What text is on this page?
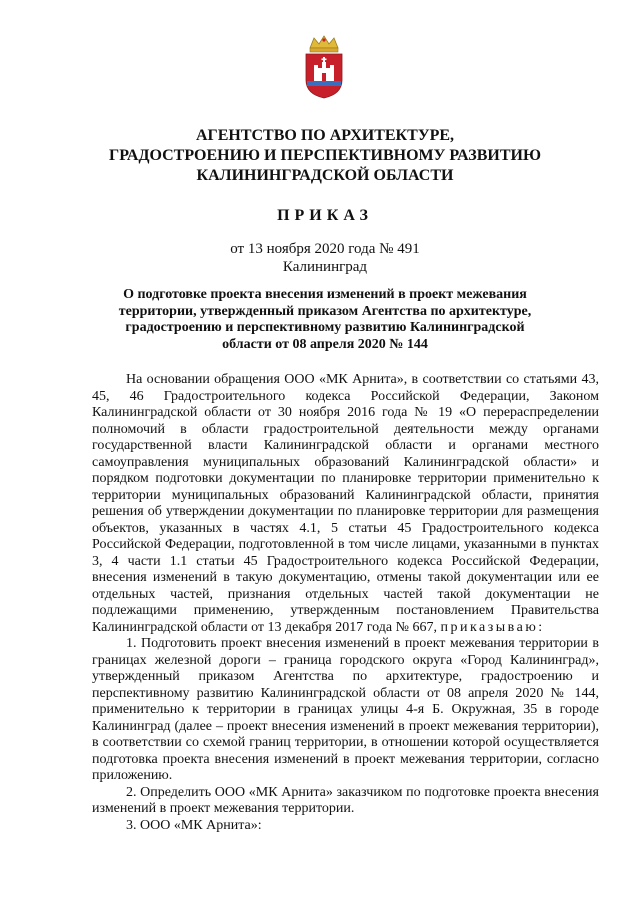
АГЕНТСТВО ПО АРХИТЕКТУРЕ,
ГРАДОСТРОЕНИЮ И ПЕРСПЕКТИВНОМУ РАЗВИТИЮ
КАЛИНИНГРАДСКОЙ ОБЛАСТИ
ПРИКАЗ
от 13 ноября 2020 года № 491
Калининград
О подготовке проекта внесения изменений в проект межевания территории, утвержденный приказом Агентства по архитектуре, градостроению и перспективному развитию Калининградской области от 08 апреля 2020 № 144

На основании обращения ООО «МК Арнита», в соответствии со статьями 43, 45, 46 Градостроительного кодекса Российской Федерации, Законом Калининградской области от 30 ноября 2016 года № 19 «О перераспределении полномочий в области градостроительной деятельности между органами государственной власти Калининградской области и органами местного самоуправления муниципальных образований Калининградской области» и порядком подготовки документации по планировке территории применительно к территории муниципальных образований Калининградской области, принятия решения об утверждении документации по планировке территории для размещения объектов, указанных в частях 4.1, 5 статьи 45 Градостроительного кодекса Российской Федерации, подготовленной в том числе лицами, указанными в пунктах 3, 4 части 1.1 статьи 45 Градостроительного кодекса Российской Федерации, внесения изменений в такую документацию, отмены такой документации или ее отдельных частей, признания отдельных частей такой документации не подлежащими применению, утвержденным постановлением Правительства Калининградской области от 13 декабря 2017 года № 667, приказываю:

1. Подготовить проект внесения изменений в проект межевания территории в границах железной дороги – граница городского округа «Город Калининград», утвержденный приказом Агентства по архитектуре, градостроению и перспективному развитию Калининградской области от 08 апреля 2020 № 144, применительно к территории в границах улицы 4-я Б. Окружная, 35 в городе Калининград (далее – проект внесения изменений в проект межевания территории), в соответствии со схемой границ территории, в отношении которой осуществляется подготовка проекта внесения изменений в проект межевания территории, согласно приложению.

2. Определить ООО «МК Арнита» заказчиком по подготовке проекта внесения изменений в проект межевания территории.

3. ООО «МК Арнита»:
